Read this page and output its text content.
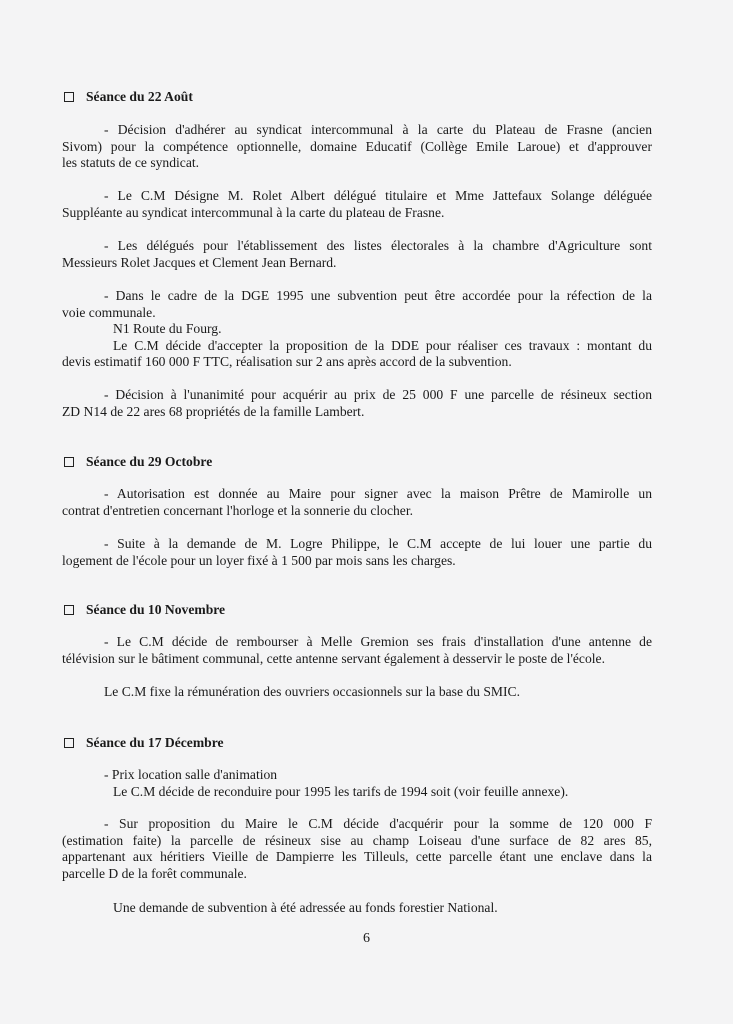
Séance du 22 Août
- Décision d'adhérer au syndicat intercommunal à la carte du Plateau de Frasne (ancien
Sivom) pour la compétence optionnelle, domaine Educatif (Collège Emile Laroue) et d'approuver
les statuts de ce syndicat.
- Le C.M Désigne M. Rolet Albert délégué titulaire et Mme Jattefaux Solange déléguée
Suppléante au syndicat intercommunal à la carte du plateau de Frasne.
- Les délégués pour l'établissement des listes électorales à la chambre d'Agriculture sont
Messieurs Rolet Jacques et Clement Jean Bernard.
- Dans le cadre de la DGE 1995 une subvention peut être accordée pour la réfection de la
voie communale.
N1 Route du Fourg.
Le C.M décide d'accepter la proposition de la DDE pour réaliser ces travaux : montant du
devis estimatif 160 000 F TTC, réalisation sur 2 ans après accord de la subvention.
- Décision à l'unanimité pour acquérir au prix de 25 000 F une parcelle de résineux section
ZD N14 de 22 ares 68 propriétés de la famille Lambert.
Séance du 29 Octobre
- Autorisation est donnée au Maire pour signer avec la maison Prêtre de Mamirolle un
contrat d'entretien concernant l'horloge et la sonnerie du clocher.
- Suite à la demande de M. Logre Philippe, le C.M accepte de lui louer une partie du
logement de l'école pour un loyer fixé à 1 500 par mois sans les charges.
Séance du 10 Novembre
- Le C.M décide de rembourser à Melle Gremion ses frais d'installation d'une antenne de
télévision sur le bâtiment communal, cette antenne servant également à desservir le poste de l'école.
Le C.M fixe la rémunération des ouvriers occasionnels sur la base du SMIC.
Séance du 17 Décembre
- Prix location salle d'animation
Le C.M décide de reconduire pour 1995 les tarifs de 1994 soit (voir feuille annexe).
- Sur proposition du Maire le C.M décide d'acquérir pour la somme de 120 000 F
(estimation faite) la parcelle de résineux sise au champ Loiseau d'une surface de 82 ares 85,
appartenant aux héritiers Vieille de Dampierre les Tilleuls, cette parcelle étant une enclave dans la
parcelle D de la forêt communale.
Une demande de subvention à été adressée au fonds forestier National.
6
